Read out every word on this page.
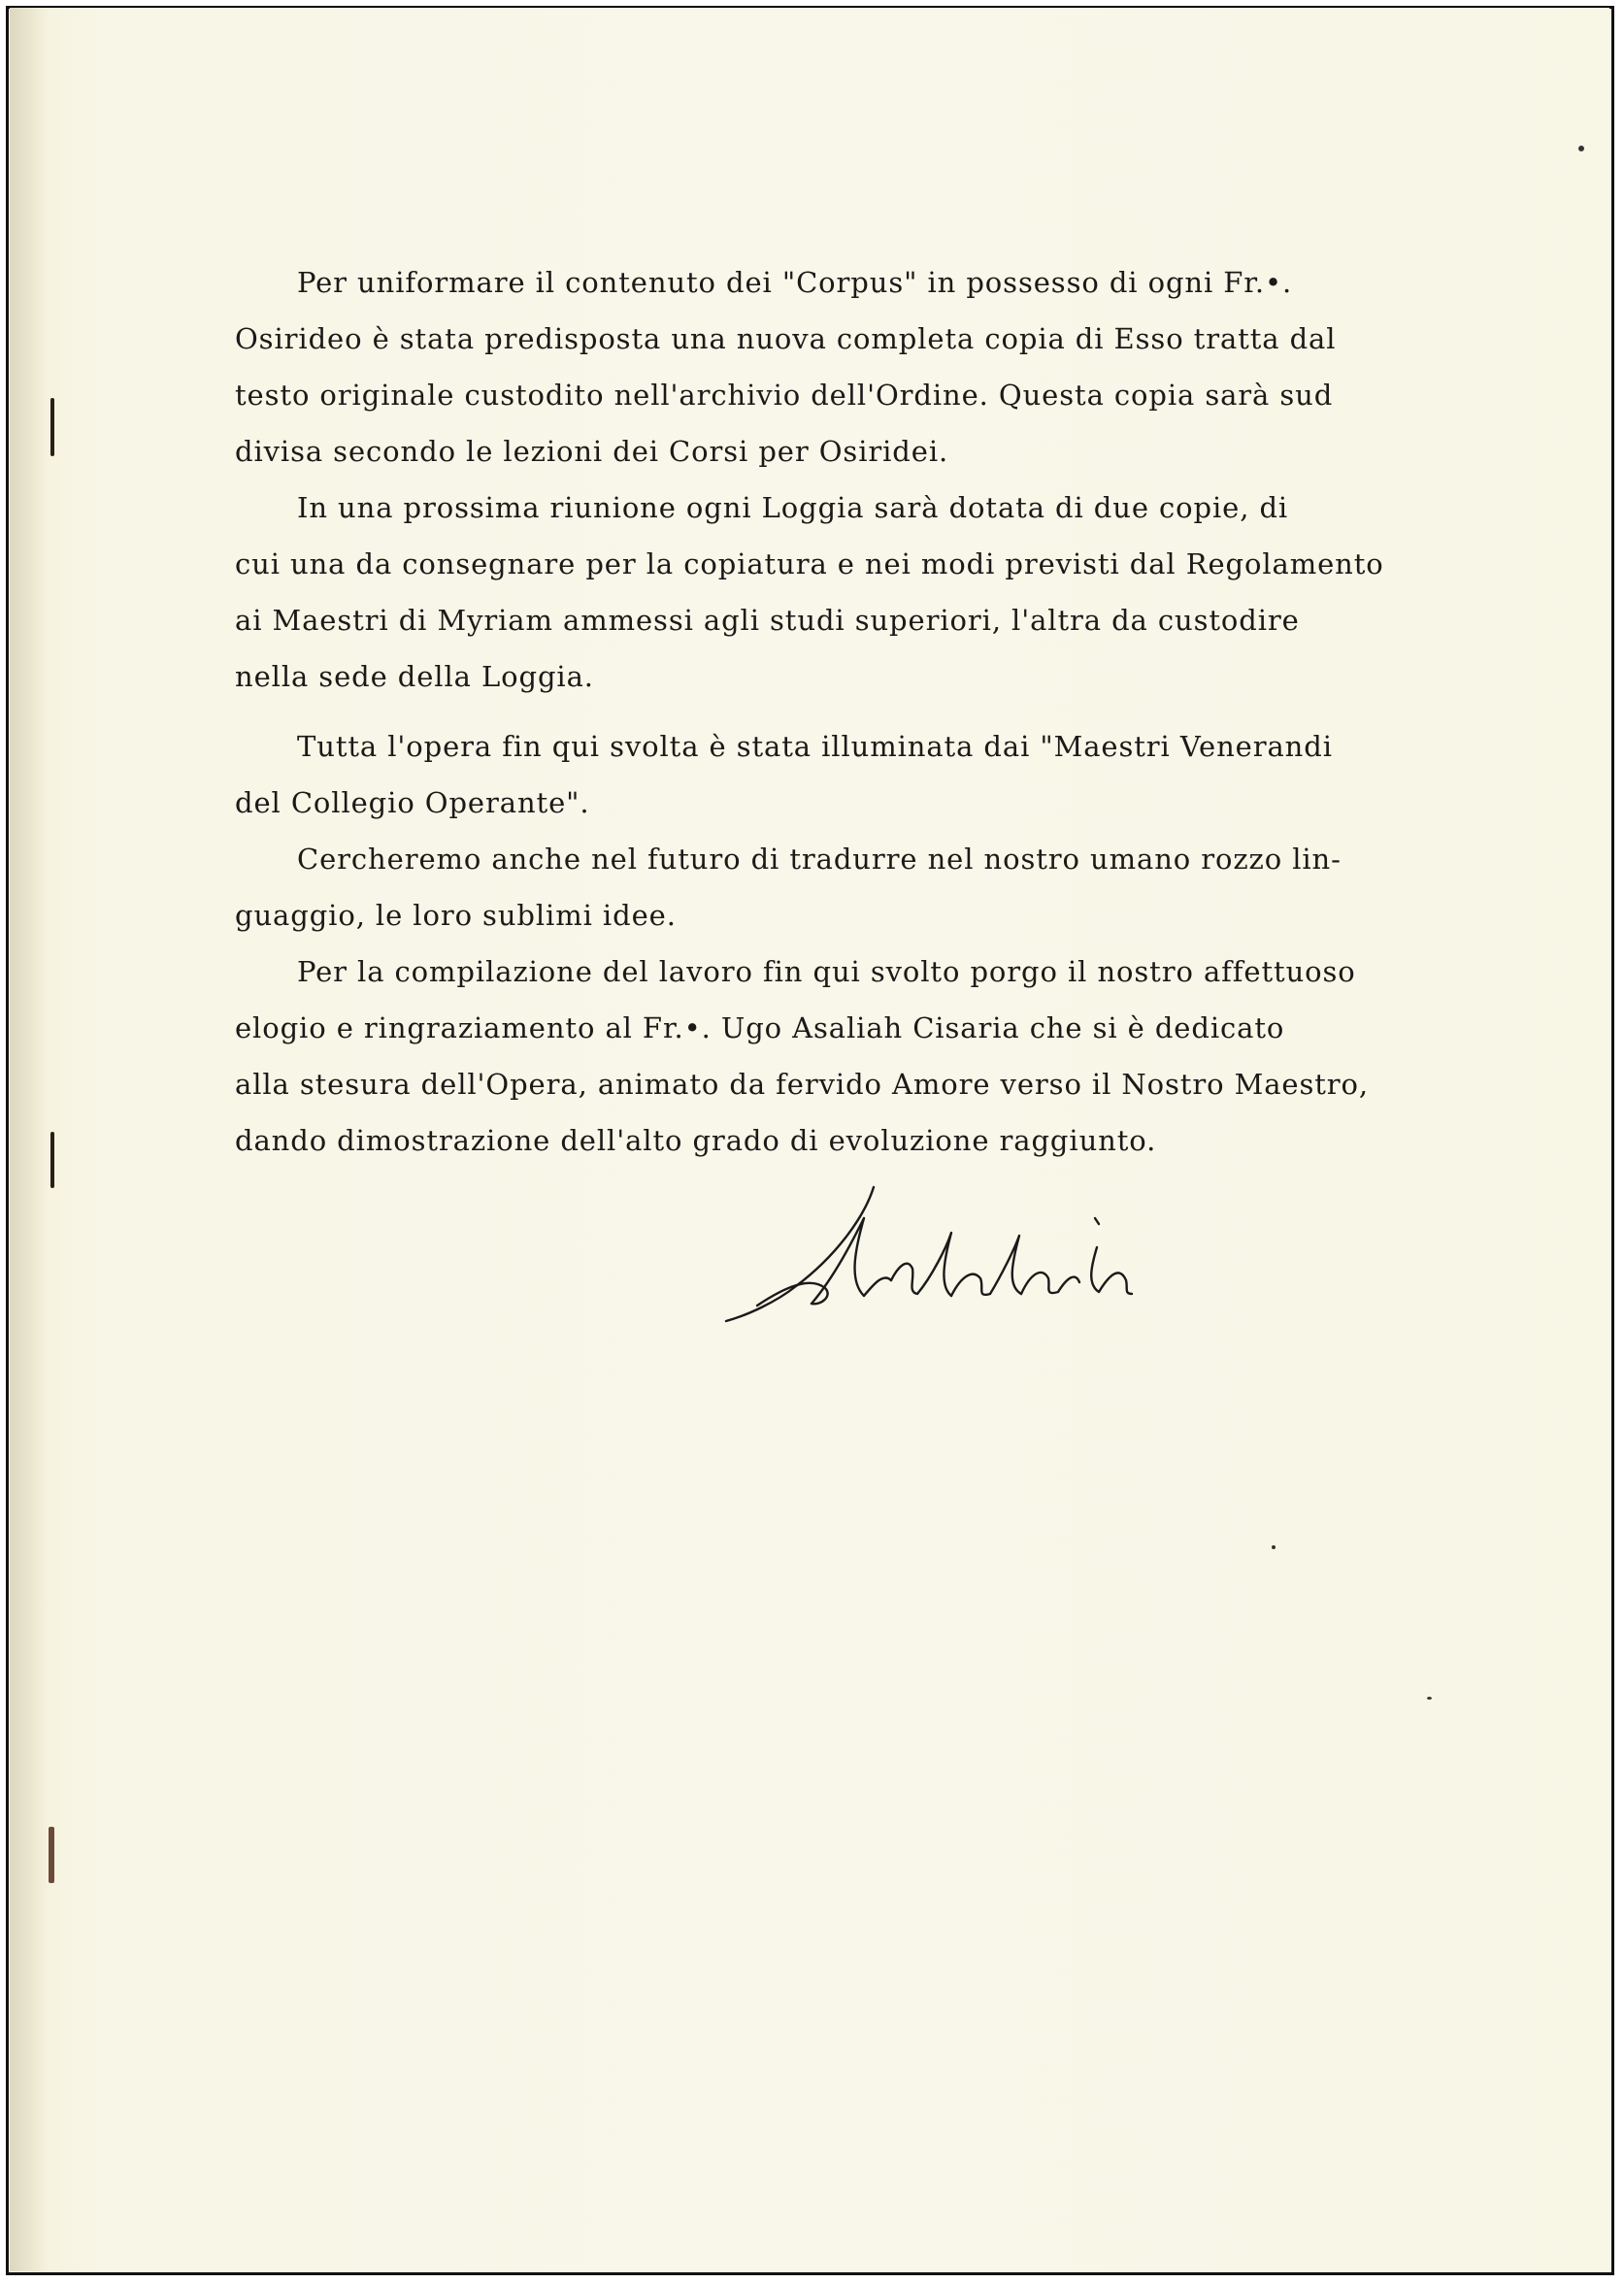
Per uniformare il contenuto dei "Corpus" in possesso di ogni Fr.•.
Osirideo è stata predisposta una nuova completa copia di Esso tratta dal
testo originale custodito nell'archivio dell'Ordine. Questa copia sarà sud
divisa secondo le lezioni dei Corsi per Osiridei.
In una prossima riunione ogni Loggia sarà dotata di due copie, di
cui una da consegnare per la copiatura e nei modi previsti dal Regolamento
ai Maestri di Myriam ammessi agli studi superiori, l'altra da custodire
nella sede della Loggia.
Tutta l'opera fin qui svolta è stata illuminata dai "Maestri Venerandi
del Collegio Operante".
Cercheremo anche nel futuro di tradurre nel nostro umano rozzo lin-
guaggio, le loro sublimi idee.
Per la compilazione del lavoro fin qui svolto porgo il nostro affettuoso
elogio e ringraziamento al Fr.•. Ugo Asaliah Cisaria che si è dedicato
alla stesura dell'Opera, animato da fervido Amore verso il Nostro Maestro,
dando dimostrazione dell'alto grado di evoluzione raggiunto.
